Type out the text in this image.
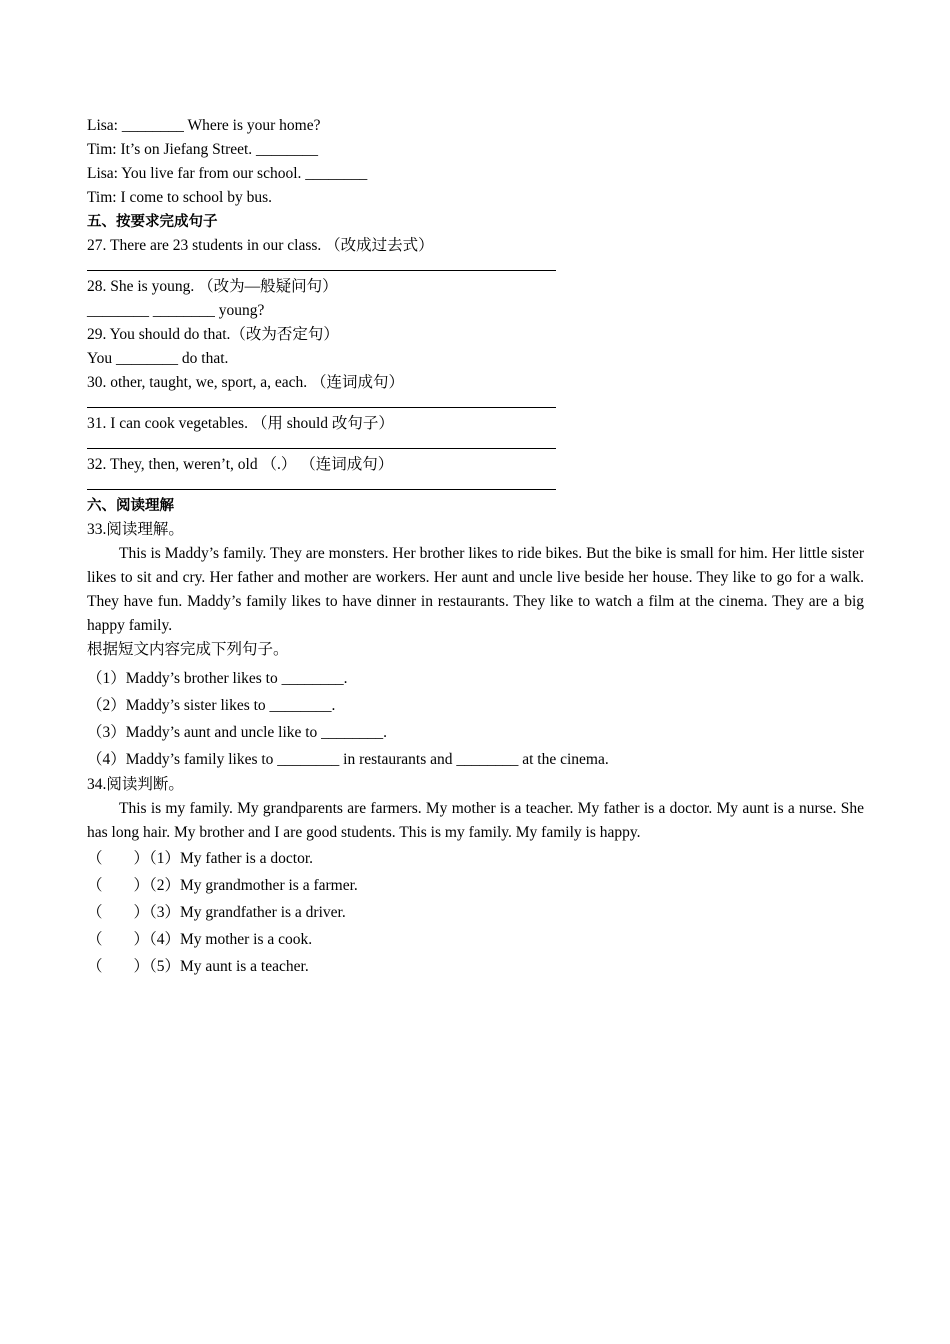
Lisa: ________ Where is your home?
Tim: It’s on Jiefang Street. ________
Lisa: You live far from our school. ________
Tim: I come to school by bus.
五、按要求完成句子
27. There are 23 students in our class. （改成过去式）
28. She is young. （改为—般疑问句）
________ ________ young?
29. You should do that.（改为否定句）
You ________ do that.
30. other, taught, we, sport, a, each. （连词成句）
31. I can cook vegetables. （用 should 改句子）
32. They, then, weren’t, old （.） （连词成句）
六、阅读理解
33.阅读理解。
This is Maddy’s family. They are monsters. Her brother likes to ride bikes. But the bike is small for him. Her little sister likes to sit and cry. Her father and mother are workers. Her aunt and uncle live beside her house. They like to go for a walk. They have fun. Maddy’s family likes to have dinner in restaurants. They like to watch a film at the cinema. They are a big happy family.
根据短文内容完成下列句子。
（1）Maddy’s brother likes to ________.
（2）Maddy’s sister likes to ________.
（3）Maddy’s aunt and uncle like to ________.
（4）Maddy’s family likes to ________ in restaurants and ________ at the cinema.
34.阅读判断。
This is my family. My grandparents are farmers. My mother is a teacher. My father is a doctor. My aunt is a nurse. She has long hair. My brother and I are good students. This is my family. My family is happy.
（　　）（1）My father is a doctor.
（　　）（2）My grandmother is a farmer.
（　　）（3）My grandfather is a driver.
（　　）（4）My mother is a cook.
（　　）（5）My aunt is a teacher.
